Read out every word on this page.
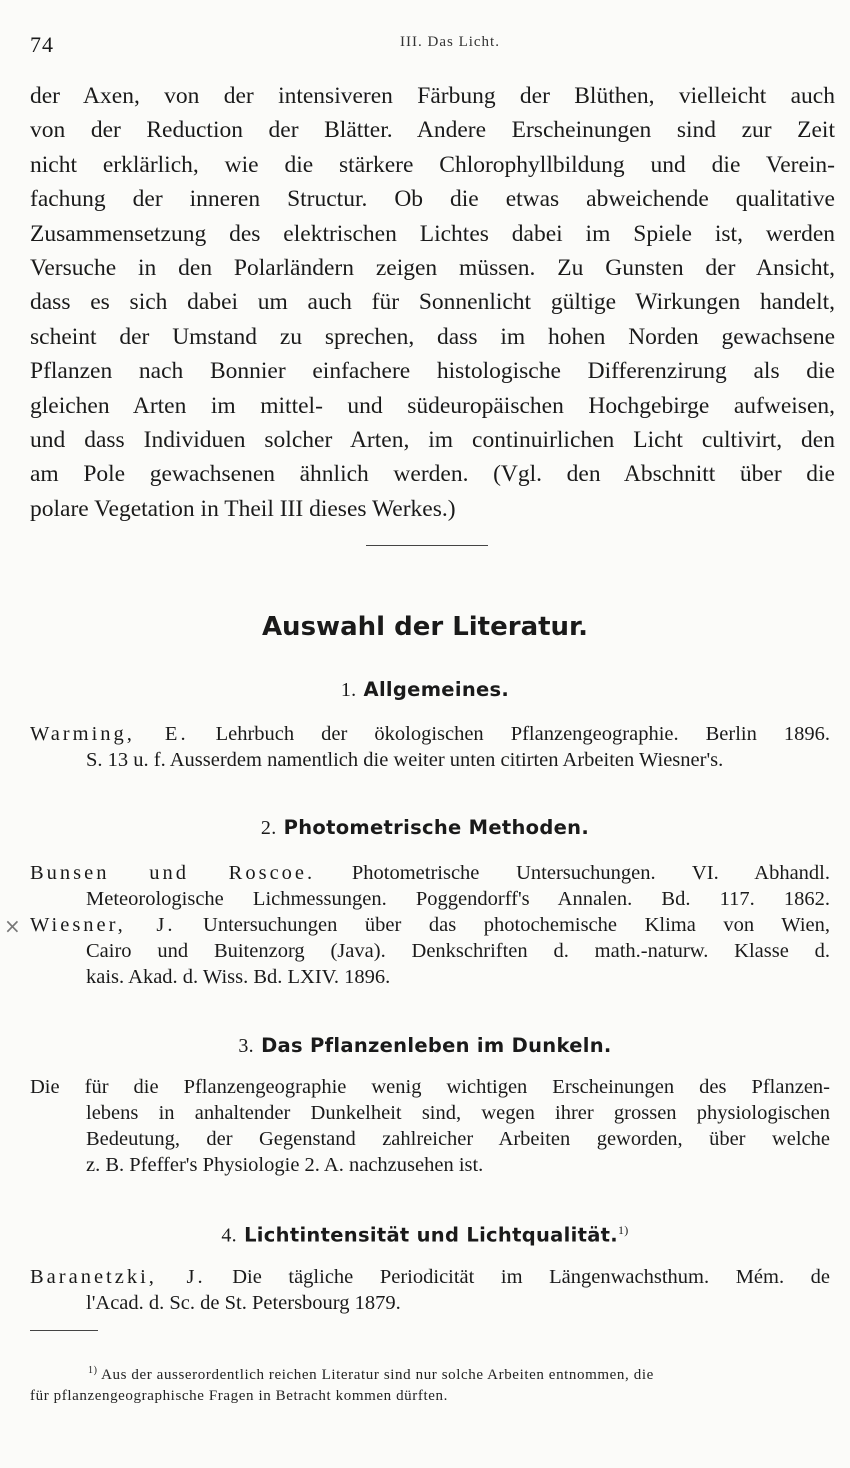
74	III. Das Licht.
der Axen, von der intensiveren Färbung der Blüthen, vielleicht auch
von der Reduction der Blätter. Andere Erscheinungen sind zur Zeit
nicht erklärlich, wie die stärkere Chlorophyllbildung und die Verein-
fachung der inneren Structur. Ob die etwas abweichende qualitative
Zusammensetzung des elektrischen Lichtes dabei im Spiele ist, werden
Versuche in den Polarländern zeigen müssen. Zu Gunsten der Ansicht,
dass es sich dabei um auch für Sonnenlicht gültige Wirkungen handelt,
scheint der Umstand zu sprechen, dass im hohen Norden gewachsene
Pflanzen nach Bonnier einfachere histologische Differenzirung als die
gleichen Arten im mittel- und südeuropäischen Hochgebirge aufweisen,
und dass Individuen solcher Arten, im continuirlichen Licht cultivirt, den
am Pole gewachsenen ähnlich werden. (Vgl. den Abschnitt über die
polare Vegetation in Theil III dieses Werkes.)
Auswahl der Literatur.
1. Allgemeines.
Warming, E. Lehrbuch der ökologischen Pflanzengeographie. Berlin 1896.
S. 13 u. f. Ausserdem namentlich die weiter unten citirten Arbeiten Wiesner's.
2. Photometrische Methoden.
Bunsen und Roscoe. Photometrische Untersuchungen. VI. Abhandl.
Meteorologische Lichmessungen. Poggendorff's Annalen. Bd. 117. 1862.
× Wiesner, J. Untersuchungen über das photochemische Klima von Wien,
Cairo und Buitenzorg (Java). Denkschriften d. math.-naturw. Klasse d.
kais. Akad. d. Wiss. Bd. LXIV. 1896.
3. Das Pflanzenleben im Dunkeln.
Die für die Pflanzengeographie wenig wichtigen Erscheinungen des Pflanzen-
lebens in anhaltender Dunkelheit sind, wegen ihrer grossen physiologischen
Bedeutung, der Gegenstand zahlreicher Arbeiten geworden, über welche
z. B. Pfeffer's Physiologie 2. A. nachzusehen ist.
4. Lichtintensität und Lichtqualität.$^{1)}$
Baranetzki, J. Die tägliche Periodicität im Längenwachsthum. Mém. de
l'Acad. d. Sc. de St. Petersbourg 1879.
$^{1)}$ Aus der ausserordentlich reichen Literatur sind nur solche Arbeiten entnommen, die
für pflanzengeographische Fragen in Betracht kommen dürften.
